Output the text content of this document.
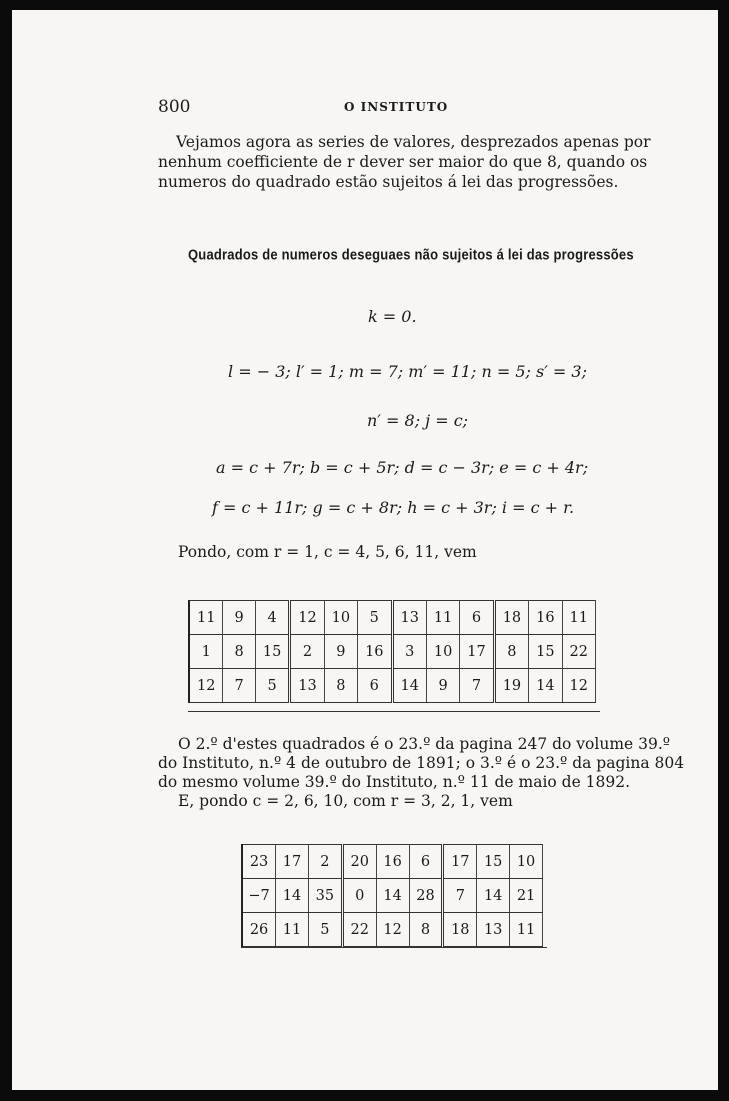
800	O INSTITUTO
Vejamos agora as series de valores, desprezados apenas por
nenhum coefficiente de r dever ser maior do que 8, quando os
numeros do quadrado estão sujeitos á lei das progressões.
Quadrados de numeros deseguaes não sujeitos á lei das progressões
k = 0.
l = − 3; l′ = 1; m = 7; m′ = 11; n = 5; s′ = 3;
n′ = 8; j = c;
a = c + 7r; b = c + 5r; d = c − 3r; e = c + 4r;
f = c + 11r; g = c + 8r; h = c + 3r; i = c + r.
Pondo, com r = 1, c = 4, 5, 6, 11, vem
11	9	4	12	10	5	13	11	6	18	16	11
1	8	15	2	9	16	3	10	17	8	15	22
12	7	5	13	8	6	14	9	7	19	14	12
O 2.º d'estes quadrados é o 23.º da pagina 247 do volume 39.º
do Instituto, n.º 4 de outubro de 1891; o 3.º é o 23.º da pagina 804
do mesmo volume 39.º do Instituto, n.º 11 de maio de 1892.
E, pondo c = 2, 6, 10, com r = 3, 2, 1, vem
23	17	2	20	16	6	17	15	10
−7	14	35	0	14	28	7	14	21
26	11	5	22	12	8	18	13	11
